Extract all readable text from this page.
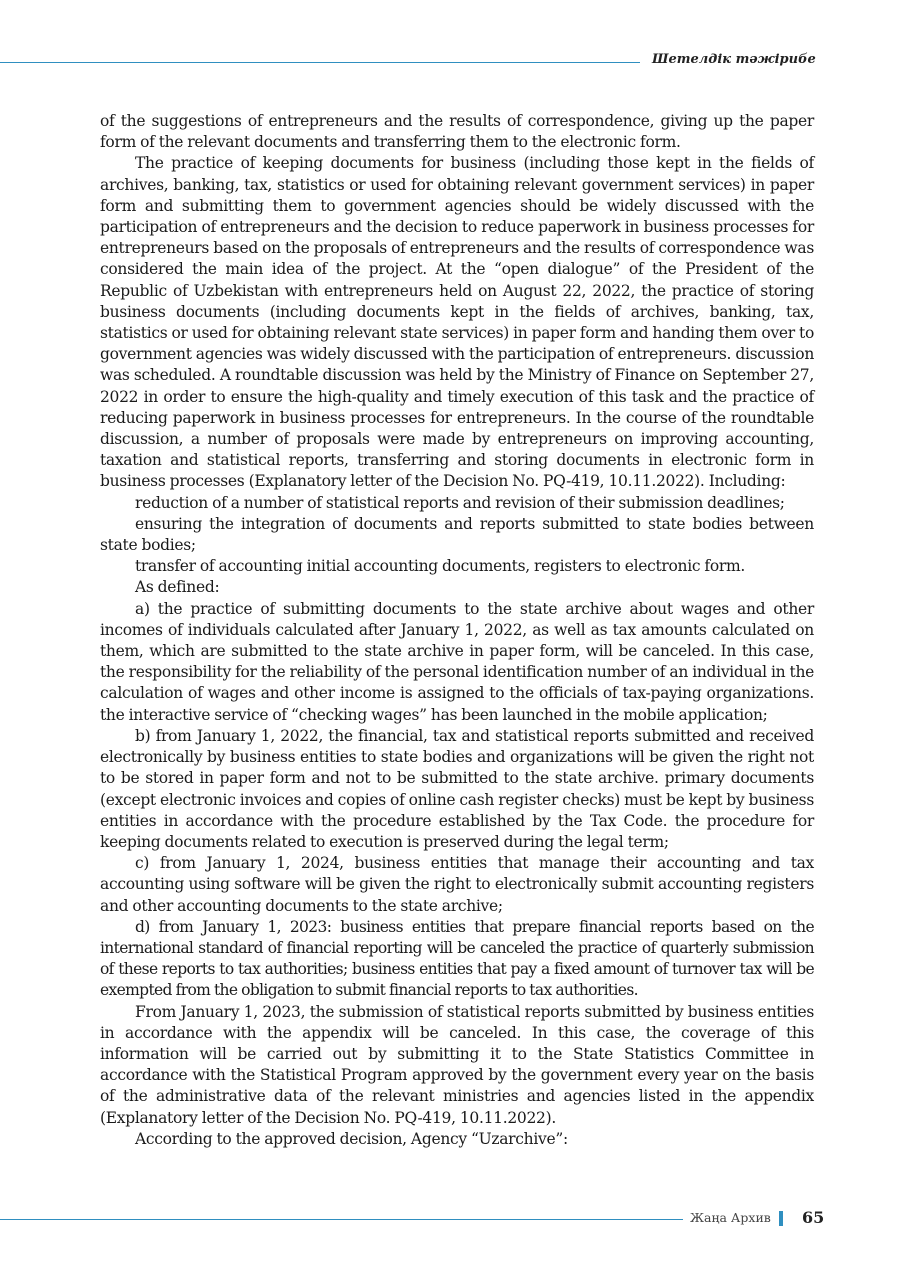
Шетелдік тәжірибе

of the suggestions of entrepreneurs and the results of correspondence, giving up the paper form of the relevant documents and transferring them to the electronic form.

The practice of keeping documents for business (including those kept in the fields of archives, banking, tax, statistics or used for obtaining relevant government services) in paper form and submitting them to government agencies should be widely discussed with the participation of entrepreneurs and the decision to reduce paperwork in business processes for entrepreneurs based on the proposals of entrepreneurs and the results of correspondence was considered the main idea of the project. At the “open dialogue” of the President of the Republic of Uzbekistan with entrepreneurs held on August 22, 2022, the practice of storing business documents (including documents kept in the fields of archives, banking, tax, statistics or used for obtaining relevant state services) in paper form and handing them over to government agencies was widely discussed with the participation of entrepreneurs. discussion was scheduled. A roundtable discussion was held by the Ministry of Finance on September 27, 2022 in order to ensure the high-quality and timely execution of this task and the practice of reducing paperwork in business processes for entrepreneurs. In the course of the roundtable discussion, a number of proposals were made by entrepreneurs on improving accounting, taxation and statistical reports, transferring and storing documents in electronic form in business processes (Explanatory letter of the Decision No. PQ-419, 10.11.2022). Including:

reduction of a number of statistical reports and revision of their submission deadlines;

ensuring the integration of documents and reports submitted to state bodies between state bodies;

transfer of accounting initial accounting documents, registers to electronic form.

As defined:

a) the practice of submitting documents to the state archive about wages and other incomes of individuals calculated after January 1, 2022, as well as tax amounts calculated on them, which are submitted to the state archive in paper form, will be canceled. In this case, the responsibility for the reliability of the personal identification number of an individual in the calculation of wages and other income is assigned to the officials of tax-paying organizations. the interactive service of “checking wages” has been launched in the mobile application;

b) from January 1, 2022, the financial, tax and statistical reports submitted and received electronically by business entities to state bodies and organizations will be given the right not to be stored in paper form and not to be submitted to the state archive. primary documents (except electronic invoices and copies of online cash register checks) must be kept by business entities in accordance with the procedure established by the Tax Code. the procedure for keeping documents related to execution is preserved during the legal term;

c) from January 1, 2024, business entities that manage their accounting and tax accounting using software will be given the right to electronically submit accounting registers and other accounting documents to the state archive;

d) from January 1, 2023: business entities that prepare financial reports based on the international standard of financial reporting will be canceled the practice of quarterly submission of these reports to tax authorities; business entities that pay a fixed amount of turnover tax will be exempted from the obligation to submit financial reports to tax authorities.

From January 1, 2023, the submission of statistical reports submitted by business entities in accordance with the appendix will be canceled. In this case, the coverage of this information will be carried out by submitting it to the State Statistics Committee in accordance with the Statistical Program approved by the government every year on the basis of the administrative data of the relevant ministries and agencies listed in the appendix (Explanatory letter of the Decision No. PQ-419, 10.11.2022).

According to the approved decision, Agency “Uzarchive”:

Жаңа Архив 65
